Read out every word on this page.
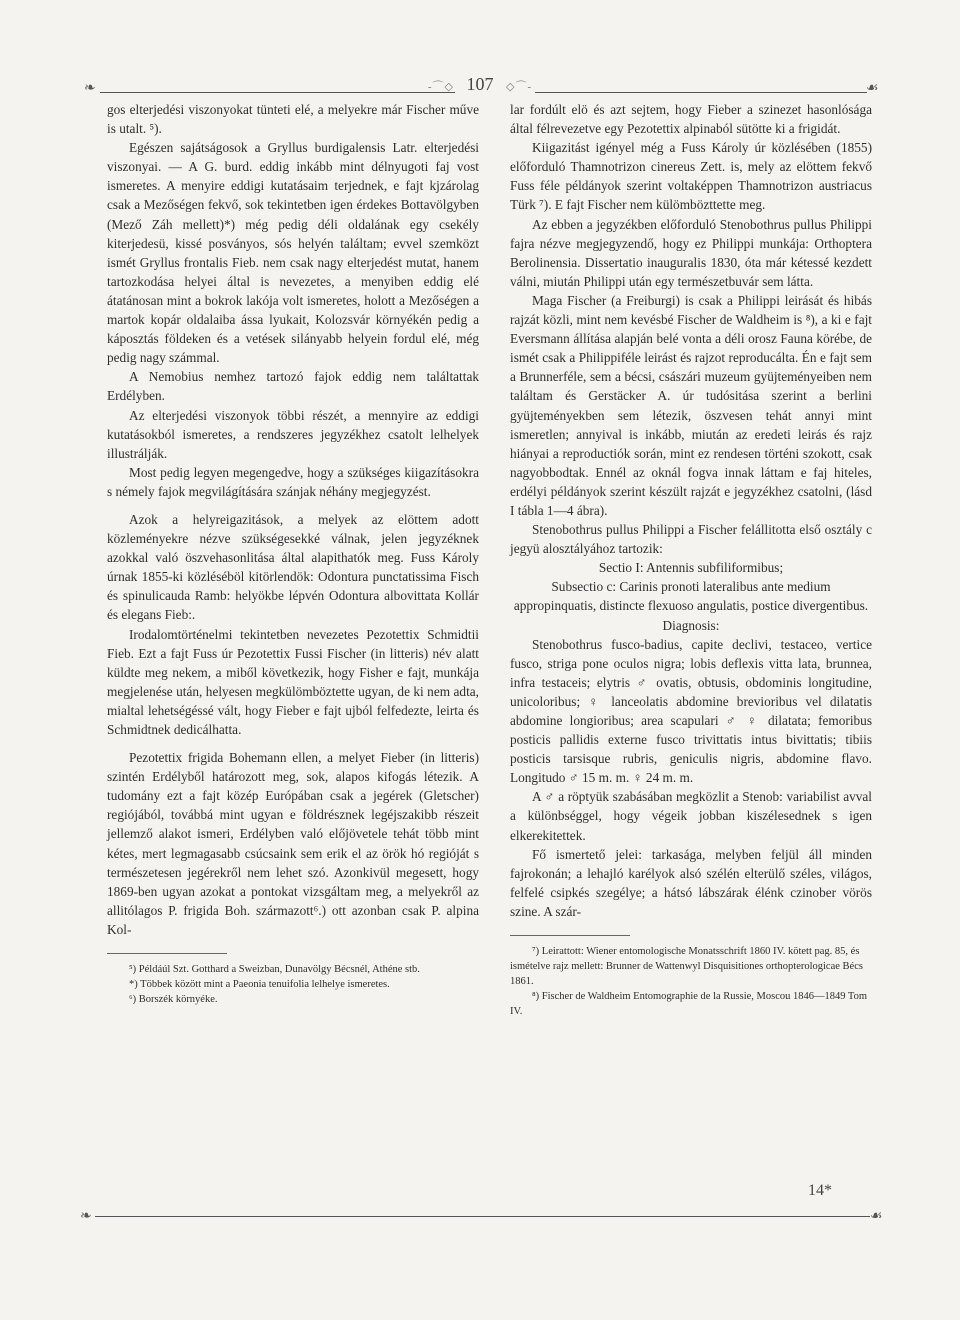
-⌒◇ 107 ◇⌒-
❧	☙

gos elterjedési viszonyokat tünteti elé, a melyekre már Fischer műve is utalt. ⁵).

Egészen sajátságosok a Gryllus burdigalensis Latr. elterjedési viszonyai. — A G. burd. eddig inkább mint délnyugoti faj vost ismeretes. A menyire eddigi kutatásaim terjednek, e fajt kjzárolag csak a Mezőségen fekvő, sok tekintetben igen érdekes Bottavölgyben (Mező Záh mellett)*) még pedig déli oldalának egy csekély kiterjedesü, kissé posványos, sós helyén találtam; evvel szemközt ismét Gryllus frontalis Fieb. nem csak nagy elterjedést mutat, hanem tartozkodása helyei által is nevezetes, a menyiben eddig elé átatánosan mint a bokrok lakója volt ismeretes, holott a Mezőségen a martok kopár oldalaiba ássa lyukait, Kolozsvár környékén pedig a káposztás földeken és a vetések silányabb helyein fordul elé, még pedig nagy számmal.

A Nemobius nemhez tartozó fajok eddig nem találtattak Erdélyben.

Az elterjedési viszonyok többi részét, a mennyire az eddigi kutatásokból ismeretes, a rendszeres jegyzékhez csatolt lelhelyek illustrálják.

Most pedig legyen megengedve, hogy a szükséges kiigazításokra s némely fajok megvilágítására szánjak néhány megjegyzést.

Azok a helyreigazitások, a melyek az elöttem adott közleményekre nézve szükségesekké válnak, jelen jegyzéknek azokkal való öszvehasonlitása által alapithatók meg. Fuss Károly úrnak 1855-ki közléséböl kitörlendök: Odontura punctatissima Fisch és spinulicauda Ramb: helyökbe lépvén Odontura albovittata Kollár és elegans Fieb:.

Irodalomtörténelmi tekintetben nevezetes Pezotettix Schmidtii Fieb. Ezt a fajt Fuss úr Pezotettix Fussi Fischer (in litteris) név alatt küldte meg nekem, a miből következik, hogy Fisher e fajt, munkája megjelenése után, helyesen megkülömböztette ugyan, de ki nem adta, mialtal lehetségéssé vált, hogy Fieber e fajt ujból felfedezte, leirta és Schmidtnek dedicálhatta.

Pezotettix frigida Bohemann ellen, a melyet Fieber (in litteris) szintén Erdélyből határozott meg, sok, alapos kifogás létezik. A tudomány ezt a fajt közép Európában csak a jegérek (Gletscher) regiójából, továbbá mint ugyan e földrésznek legéjszakibb részeit jellemző alakot ismeri, Erdélyben való előjövetele tehát több mint kétes, mert legmagasabb csúcsaink sem erik el az örök hó regióját s természetesen jegérekről nem lehet szó. Azonkivül megesett, hogy 1869-ben ugyan azokat a pontokat vizsgáltam meg, a melyekről az allitólagos P. frigida Boh. származott⁶.) ott azonban csak P. alpina Kol-

⁵) Példáúl Szt. Gotthard a Sweizban, Dunavölgy Bécsnél, Athéne stb.

*) Többek között mint a Paeonia tenuifolia lelhelye ismeretes.

⁶) Borszék környéke.

lar fordúlt elö és azt sejtem, hogy Fieber a szinezet hasonlósága által félrevezetve egy Pezotettix alpinaból sütötte ki a frigidát.

Kiigazitást igényel még a Fuss Károly úr közlésében (1855) előforduló Thamnotrizon cinereus Zett. is, mely az elöttem fekvő Fuss féle példányok szerint voltaképpen Thamnotrizon austriacus Türk ⁷). E fajt Fischer nem külömbözttette meg.

Az ebben a jegyzékben előforduló Stenobothrus pullus Philippi fajra nézve megjegyzendő, hogy ez Philippi munkája: Orthoptera Berolinensia. Dissertatio inauguralis 1830, óta már kétessé kezdett válni, miután Philippi után egy természetbuvár sem látta.

Maga Fischer (a Freiburgi) is csak a Philippi leirását és hibás rajzát közli, mint nem kevésbé Fischer de Waldheim is ⁸), a ki e fajt Eversmann állítása alapján belé vonta a déli orosz Fauna körébe, de ismét csak a Philippiféle leirást és rajzot reproducálta. Én e fajt sem a Brunnerféle, sem a bécsi, császári muzeum gyüjteményeiben nem találtam és Gerstäcker A. úr tudósitása szerint a berlini gyüjteményekben sem létezik, öszvesen tehát annyi mint ismeretlen; annyival is inkább, miután az eredeti leirás és rajz hiányai a reproductiók során, mint ez rendesen történi szokott, csak nagyobbodtak. Ennél az oknál fogva innak láttam e faj hiteles, erdélyi példányok szerint készült rajzát e jegyzékhez csatolni, (lásd I tábla 1—4 ábra).

Stenobothrus pullus Philippi a Fischer felállitotta első osztály c jegyü alosztályához tartozik:

Sectio I: Antennis subfiliformibus;

Subsectio c: Carinis pronoti lateralibus ante medium appropinquatis, distincte flexuoso angulatis, postice divergentibus.

Diagnosis:

Stenobothrus fusco-badius, capite declivi, testaceo, vertice fusco, striga pone oculos nigra; lobis deflexis vitta lata, brunnea, infra testaceis; elytris ♂ ovatis, obtusis, obdominis longitudine, unicoloribus; ♀ lanceolatis abdomine brevioribus vel dilatatis abdomine longioribus; area scapulari ♂ ♀ dilatata; femoribus posticis pallidis externe fusco trivittatis intus bivittatis; tibiis posticis tarsisque rubris, geniculis nigris, abdomine flavo. Longitudo ♂ 15 m. m. ♀ 24 m. m.

A ♂ a röptyük szabásában megközlit a Stenob: variabilist avval a különbséggel, hogy végeik jobban kiszélesednek s igen elkerekitettek.

Fő ismertető jelei: tarkasága, melyben feljül áll minden fajrokonán; a lehajló karélyok alsó szélén elterülő széles, világos, felfelé csipkés szegélye; a hátsó lábszárak élénk czinober vörös szine. A szár-

⁷) Leirattott: Wiener entomologische Monatsschrift 1860 IV. kötett pag. 85, és ismételve rajz mellett: Brunner de Wattenwyl Disquisitiones orthopterologicae Bécs 1861.

⁸) Fischer de Waldheim Entomographie de la Russie, Moscou 1846—1849 Tom IV.

14*
❧	☙
